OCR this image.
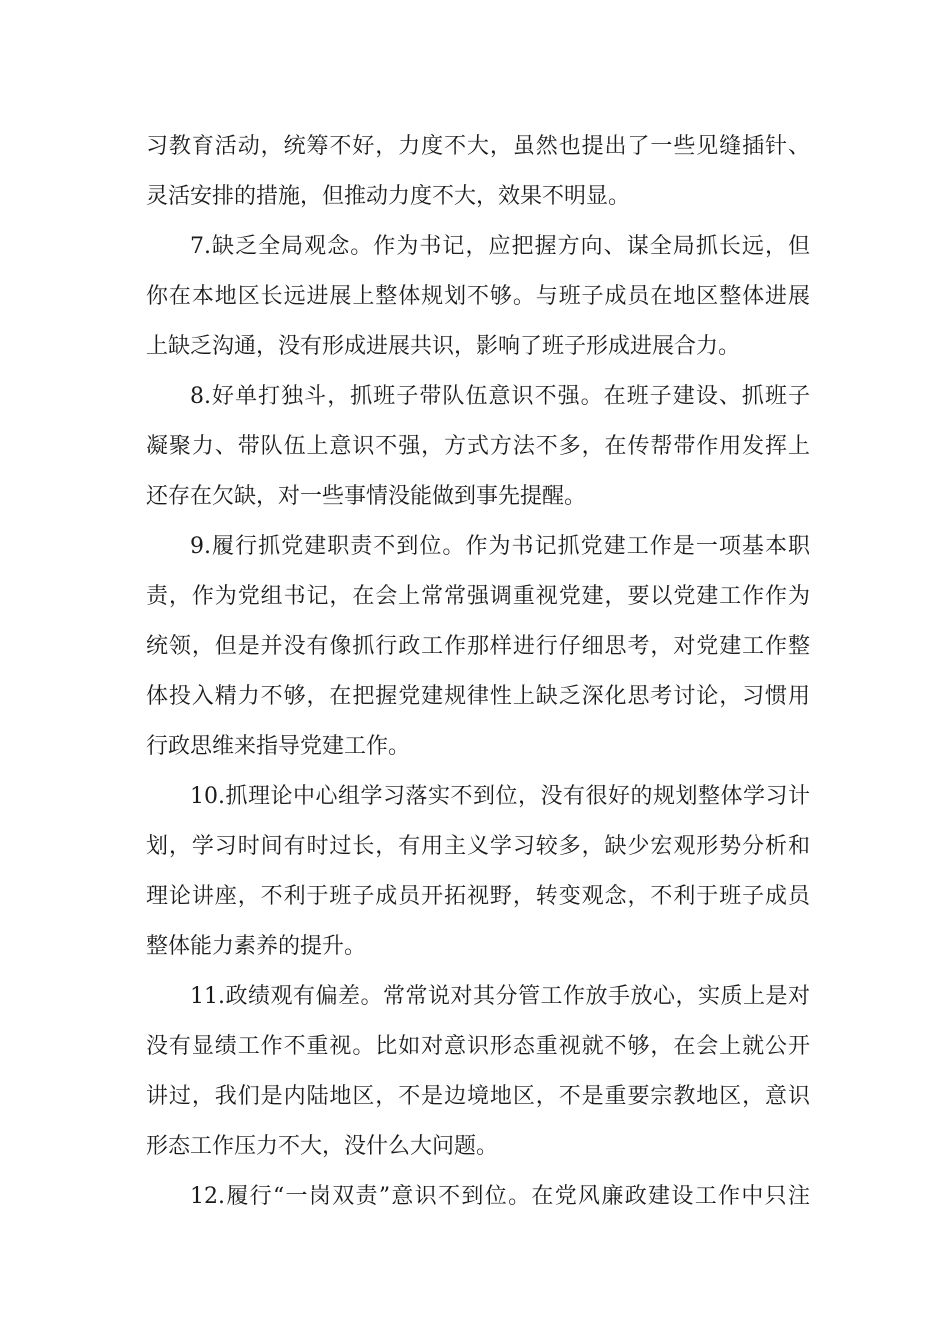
习教育活动，统筹不好，力度不大，虽然也提出了一些见缝插针、
灵活安排的措施，但推动力度不大，效果不明显。
7.缺乏全局观念。作为书记，应把握方向、谋全局抓长远，但
你在本地区长远进展上整体规划不够。与班子成员在地区整体进展
上缺乏沟通，没有形成进展共识，影响了班子形成进展合力。
8.好单打独斗，抓班子带队伍意识不强。在班子建设、抓班子
凝聚力、带队伍上意识不强，方式方法不多，在传帮带作用发挥上
还存在欠缺，对一些事情没能做到事先提醒。
9.履行抓党建职责不到位。作为书记抓党建工作是一项基本职
责，作为党组书记，在会上常常强调重视党建，要以党建工作作为
统领，但是并没有像抓行政工作那样进行仔细思考，对党建工作整
体投入精力不够，在把握党建规律性上缺乏深化思考讨论，习惯用
行政思维来指导党建工作。
10.抓理论中心组学习落实不到位，没有很好的规划整体学习计
划，学习时间有时过长，有用主义学习较多，缺少宏观形势分析和
理论讲座，不利于班子成员开拓视野，转变观念，不利于班子成员
整体能力素养的提升。
11.政绩观有偏差。常常说对其分管工作放手放心，实质上是对
没有显绩工作不重视。比如对意识形态重视就不够，在会上就公开
讲过，我们是内陆地区，不是边境地区，不是重要宗教地区，意识
形态工作压力不大，没什么大问题。
12.履行“一岗双责”意识不到位。在党风廉政建设工作中只注
